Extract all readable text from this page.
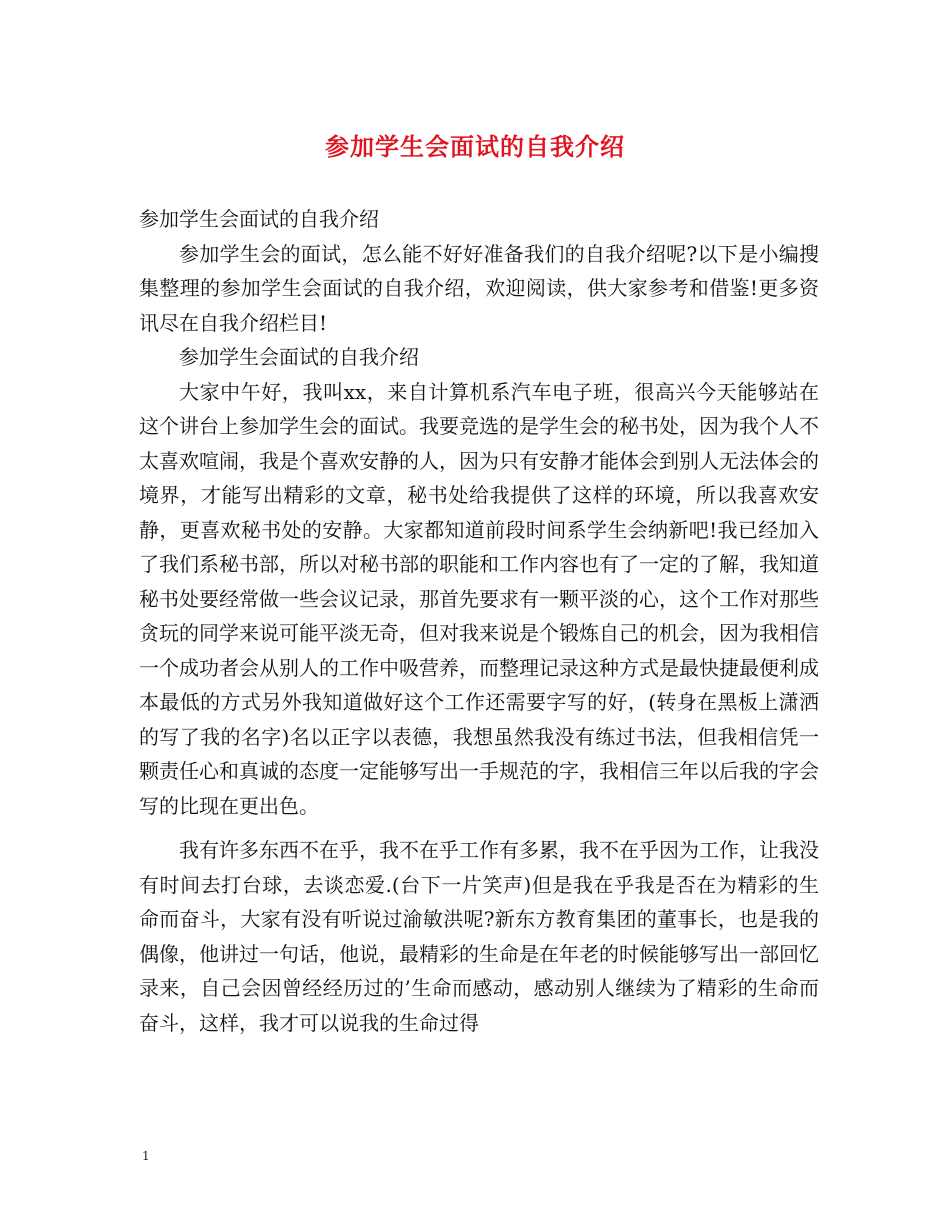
参加学生会面试的自我介绍

参加学生会面试的自我介绍

参加学生会的面试，怎么能不好好准备我们的自我介绍呢?以下是小编搜集整理的参加学生会面试的自我介绍，欢迎阅读，供大家参考和借鉴!更多资讯尽在自我介绍栏目!

参加学生会面试的自我介绍

大家中午好，我叫xx，来自计算机系汽车电子班，很高兴今天能够站在这个讲台上参加学生会的面试。我要竞选的是学生会的秘书处，因为我个人不太喜欢喧闹，我是个喜欢安静的人，因为只有安静才能体会到别人无法体会的境界，才能写出精彩的文章，秘书处给我提供了这样的环境，所以我喜欢安静，更喜欢秘书处的安静。大家都知道前段时间系学生会纳新吧!我已经加入了我们系秘书部，所以对秘书部的职能和工作内容也有了一定的了解，我知道秘书处要经常做一些会议记录，那首先要求有一颗平淡的心，这个工作对那些贪玩的同学来说可能平淡无奇，但对我来说是个锻炼自己的机会，因为我相信一个成功者会从别人的工作中吸营养，而整理记录这种方式是最快捷最便利成本最低的方式另外我知道做好这个工作还需要字写的好，(转身在黑板上潇洒的写了我的名字)名以正字以表德，我想虽然我没有练过书法，但我相信凭一颗责任心和真诚的态度一定能够写出一手规范的字，我相信三年以后我的字会写的比现在更出色。

我有许多东西不在乎，我不在乎工作有多累，我不在乎因为工作，让我没有时间去打台球，去谈恋爱.(台下一片笑声)但是我在乎我是否在为精彩的生命而奋斗，大家有没有听说过渝敏洪呢?新东方教育集团的董事长，也是我的偶像，他讲过一句话，他说，最精彩的生命是在年老的时候能够写出一部回忆录来，自己会因曾经经历过的’生命而感动，感动别人继续为了精彩的生命而奋斗，这样，我才可以说我的生命过得

1
